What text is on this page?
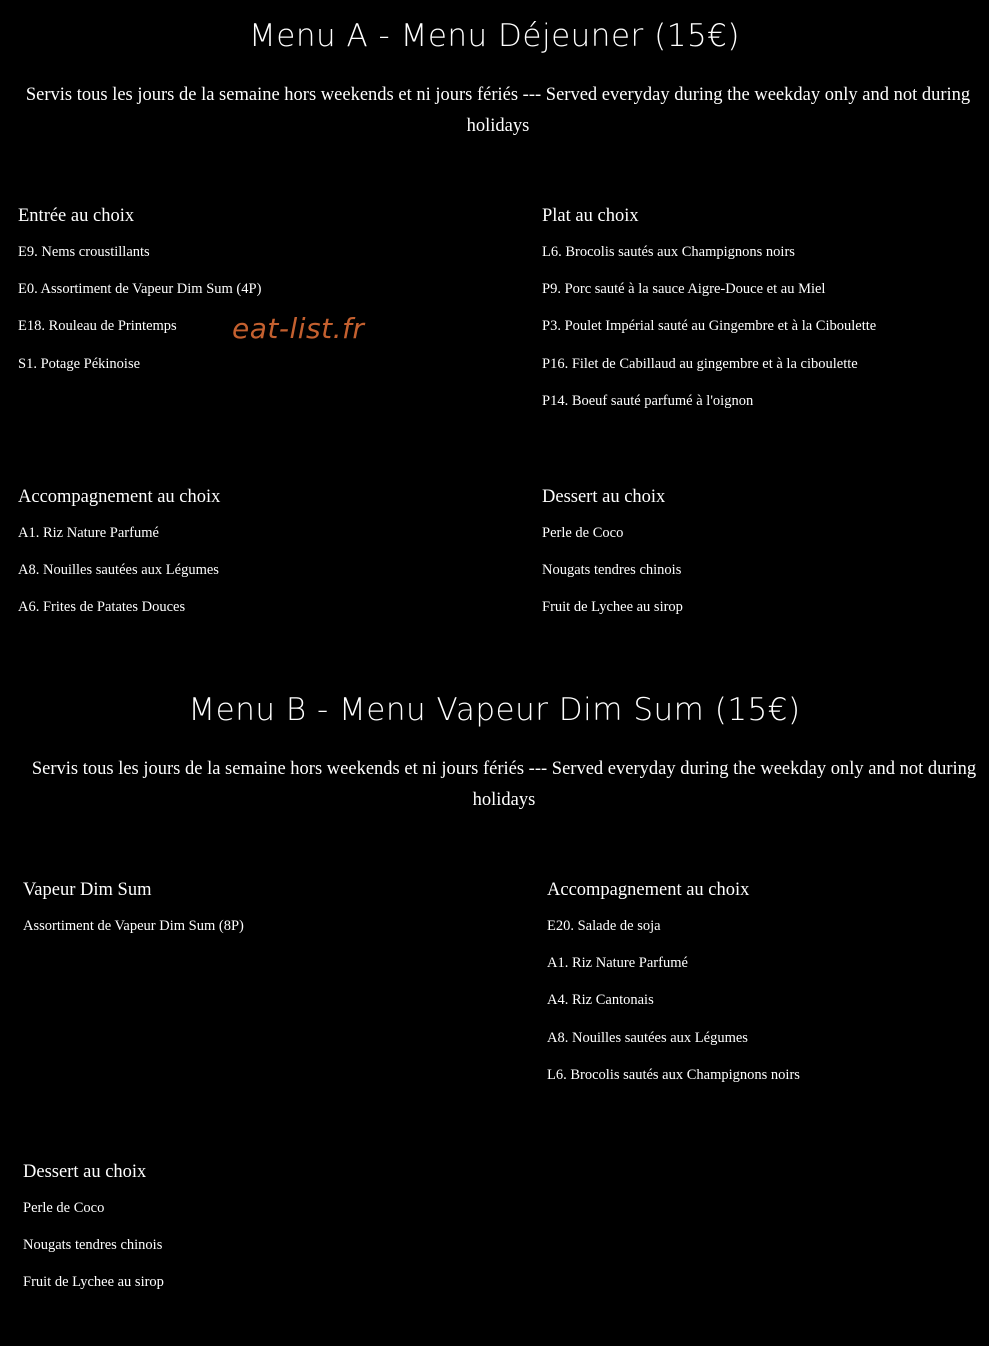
Menu A - Menu Déjeuner (15€)

Servis tous les jours de la semaine hors weekends et ni jours fériés --- Served everyday during the weekday only and not during holidays

Entrée au choix
E9. Nems croustillants
E0. Assortiment de Vapeur Dim Sum (4P)
E18. Rouleau de Printemps
S1. Potage Pékinoise
Plat au choix
L6. Brocolis sautés aux Champignons noirs
P9. Porc sauté à la sauce Aigre-Douce et au Miel
P3. Poulet Impérial sauté au Gingembre et à la Ciboulette
P16. Filet de Cabillaud au gingembre et à la ciboulette
P14. Boeuf sauté parfumé à l'oignon
Accompagnement au choix
A1. Riz Nature Parfumé
A8. Nouilles sautées aux Légumes
A6. Frites de Patates Douces
Dessert au choix
Perle de Coco
Nougats tendres chinois
Fruit de Lychee au sirop
eat-list.fr
Menu B - Menu Vapeur Dim Sum (15€)

Servis tous les jours de la semaine hors weekends et ni jours fériés --- Served everyday during the weekday only and not during holidays

Vapeur Dim Sum
Assortiment de Vapeur Dim Sum (8P)
Accompagnement au choix
E20. Salade de soja
A1. Riz Nature Parfumé
A4. Riz Cantonais
A8. Nouilles sautées aux Légumes
L6. Brocolis sautés aux Champignons noirs
Dessert au choix
Perle de Coco
Nougats tendres chinois
Fruit de Lychee au sirop
